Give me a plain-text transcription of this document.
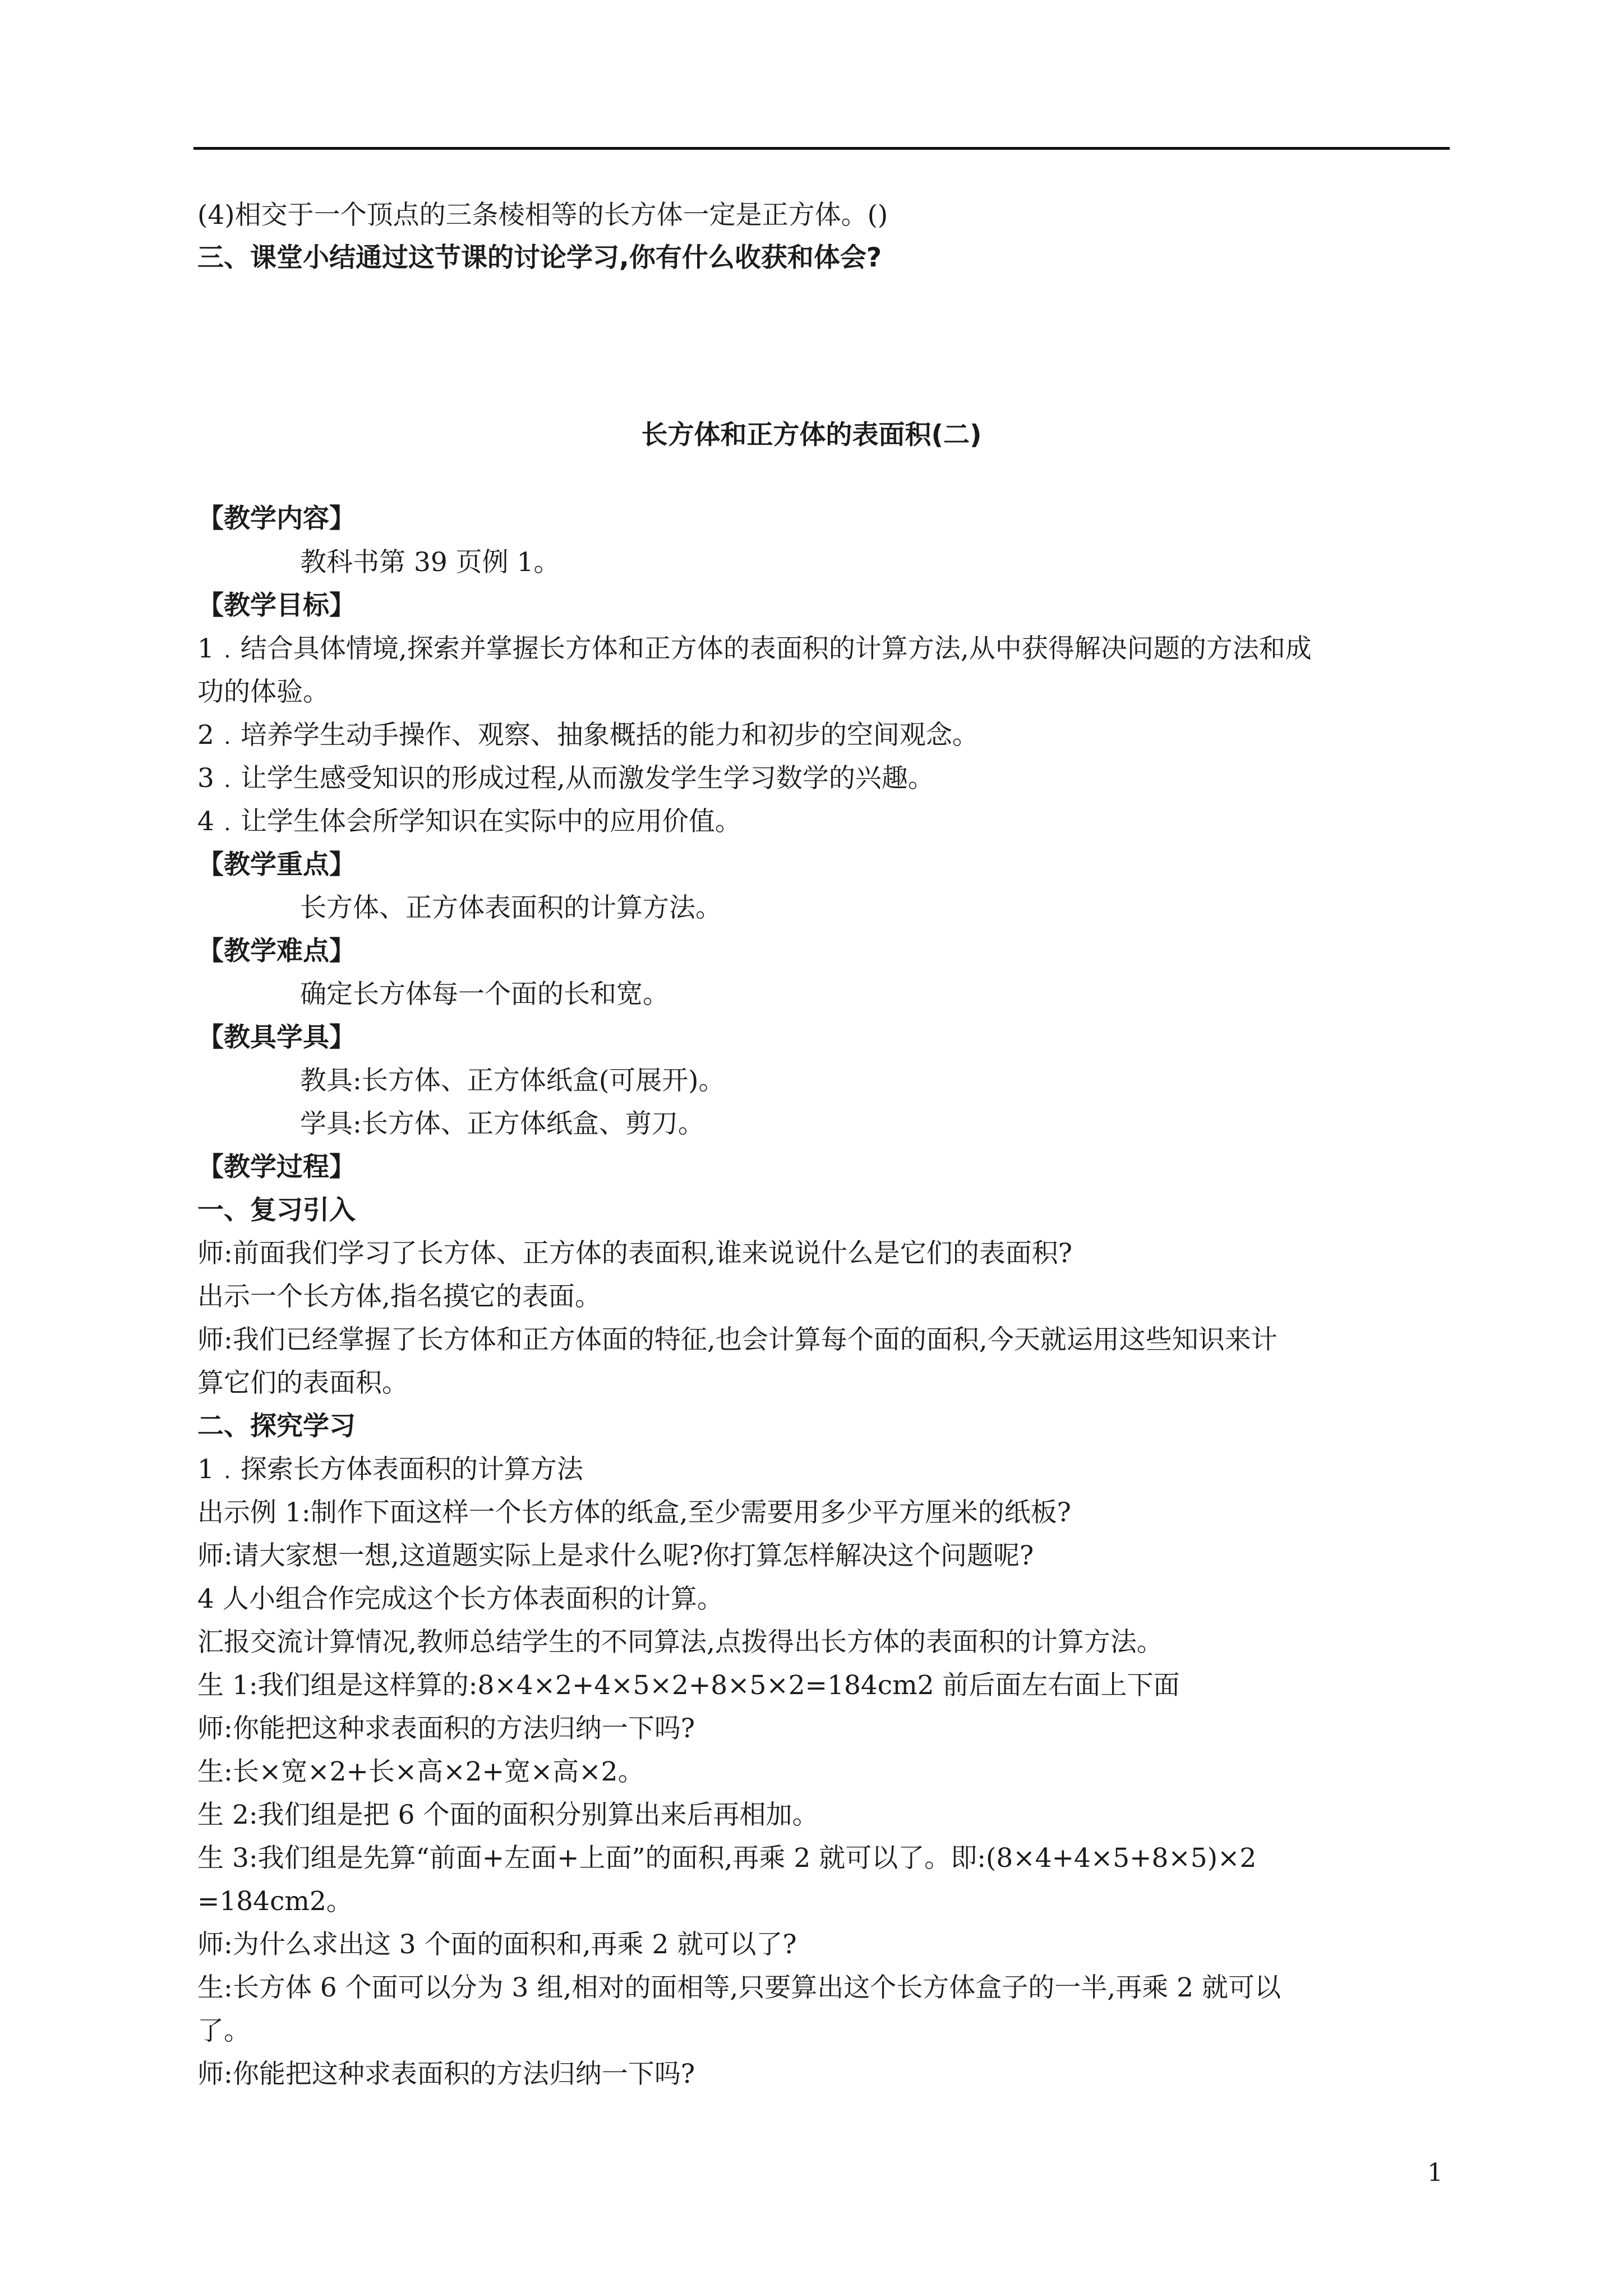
(4)相交于一个顶点的三条棱相等的长方体一定是正方体。()
三、课堂小结通过这节课的讨论学习,你有什么收获和体会?
长方体和正方体的表面积(二)
【教学内容】
教科书第 39 页例 1。
【教学目标】
1﹒结合具体情境,探索并掌握长方体和正方体的表面积的计算方法,从中获得解决问题的方法和成
功的体验。
2﹒培养学生动手操作、观察、抽象概括的能力和初步的空间观念。
3﹒让学生感受知识的形成过程,从而激发学生学习数学的兴趣。
4﹒让学生体会所学知识在实际中的应用价值。
【教学重点】
长方体、正方体表面积的计算方法。
【教学难点】
确定长方体每一个面的长和宽。
【教具学具】
教具:长方体、正方体纸盒(可展开)。
学具:长方体、正方体纸盒、剪刀。
【教学过程】
一、复习引入
师:前面我们学习了长方体、正方体的表面积,谁来说说什么是它们的表面积?
出示一个长方体,指名摸它的表面。
师:我们已经掌握了长方体和正方体面的特征,也会计算每个面的面积,今天就运用这些知识来计
算它们的表面积。
二、探究学习
1﹒探索长方体表面积的计算方法
出示例 1:制作下面这样一个长方体的纸盒,至少需要用多少平方厘米的纸板?
师:请大家想一想,这道题实际上是求什么呢?你打算怎样解决这个问题呢?
4 人小组合作完成这个长方体表面积的计算。
汇报交流计算情况,教师总结学生的不同算法,点拨得出长方体的表面积的计算方法。
生 1:我们组是这样算的:8×4×2+4×5×2+8×5×2=184cm2 前后面左右面上下面
师:你能把这种求表面积的方法归纳一下吗?
生:长×宽×2+长×高×2+宽×高×2。
生 2:我们组是把 6 个面的面积分别算出来后再相加。
生 3:我们组是先算“前面+左面+上面”的面积,再乘 2 就可以了。即:(8×4+4×5+8×5)×2
=184cm2。
师:为什么求出这 3 个面的面积和,再乘 2 就可以了?
生:长方体 6 个面可以分为 3 组,相对的面相等,只要算出这个长方体盒子的一半,再乘 2 就可以
了。
师:你能把这种求表面积的方法归纳一下吗?
1
